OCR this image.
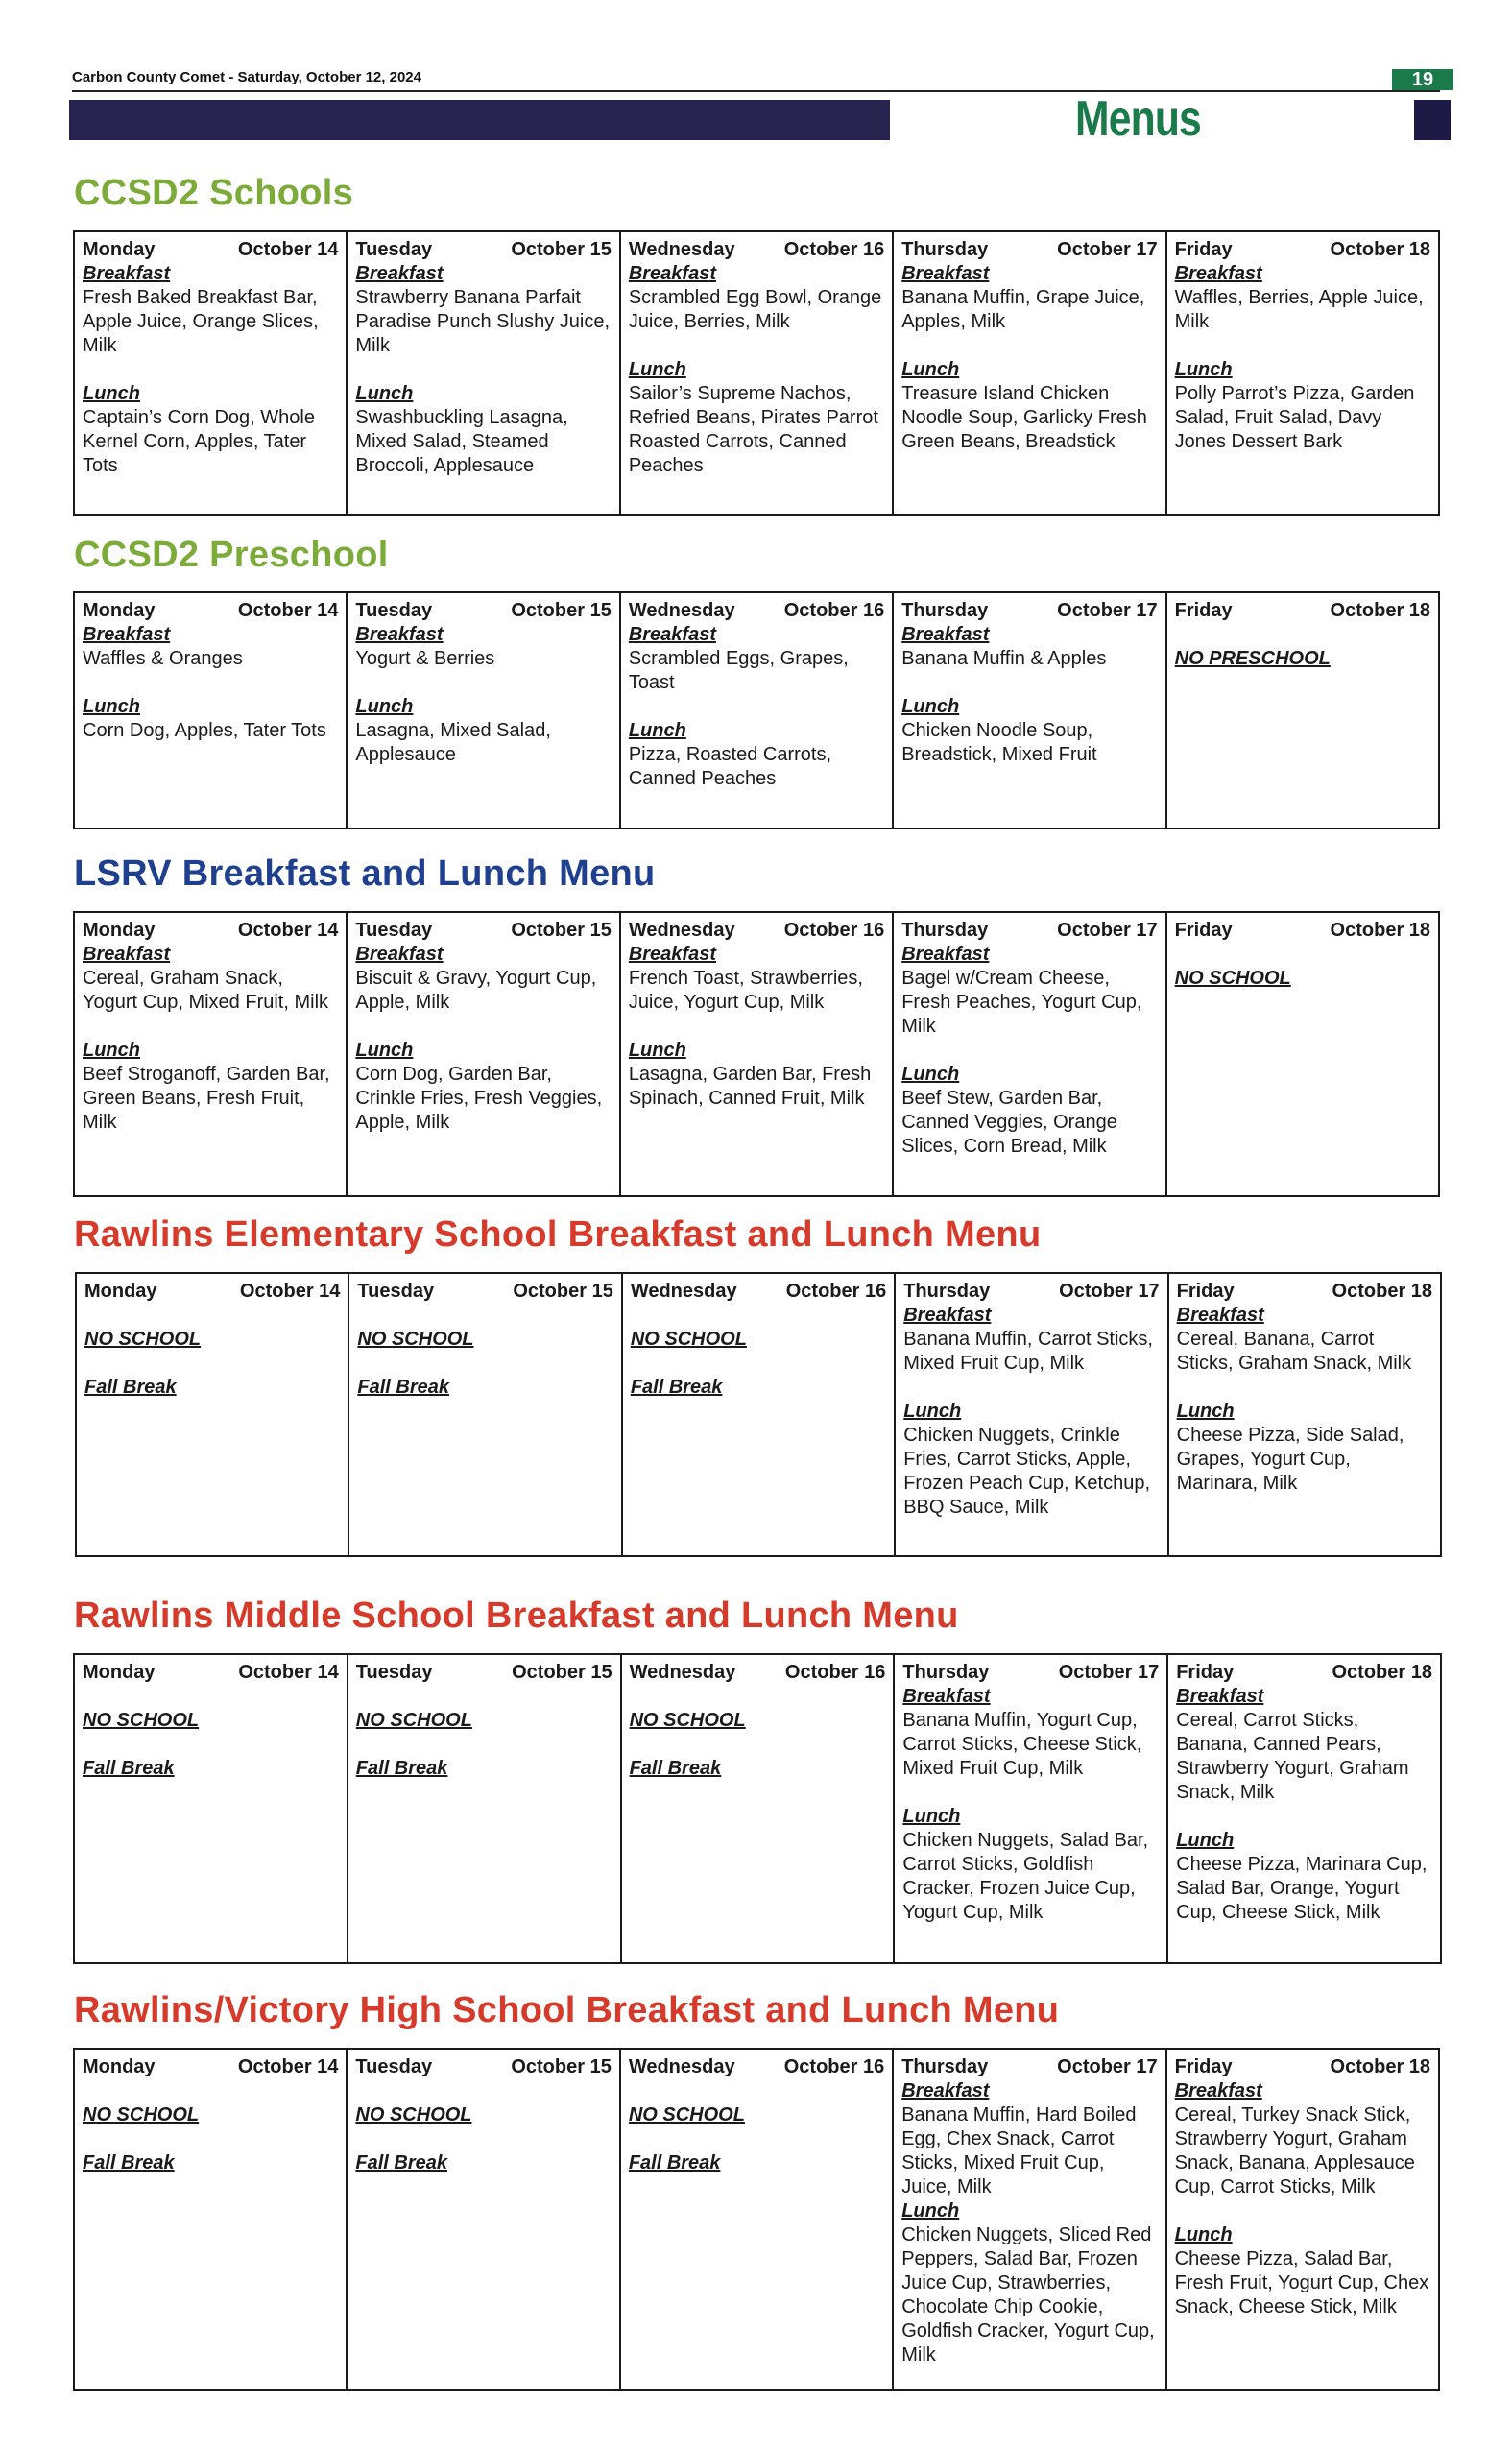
Carbon County Comet - Saturday, October 12, 2024	19
Menus
CCSD2 Schools
Monday	October 14
Breakfast
Fresh Baked Breakfast Bar, Apple Juice, Orange Slices, Milk
Lunch
Captain’s Corn Dog, Whole Kernel Corn, Apples, Tater Tots
Tuesday	October 15
Breakfast
Strawberry Banana Parfait Paradise Punch Slushy Juice, Milk
Lunch
Swashbuckling Lasagna, Mixed Salad, Steamed Broccoli, Applesauce
Wednesday	October 16
Breakfast
Scrambled Egg Bowl, Orange Juice, Berries, Milk
Lunch
Sailor’s Supreme Nachos, Refried Beans, Pirates Parrot Roasted Carrots, Canned Peaches
Thursday	October 17
Breakfast
Banana Muffin, Grape Juice, Apples, Milk
Lunch
Treasure Island Chicken Noodle Soup, Garlicky Fresh Green Beans, Breadstick
Friday	October 18
Breakfast
Waffles, Berries, Apple Juice, Milk
Lunch
Polly Parrot’s Pizza, Garden Salad, Fruit Salad, Davy Jones Dessert Bark
CCSD2 Preschool
Monday	October 14
Breakfast
Waffles & Oranges
Lunch
Corn Dog, Apples, Tater Tots
Tuesday	October 15
Breakfast
Yogurt & Berries
Lunch
Lasagna, Mixed Salad, Applesauce
Wednesday	October 16
Breakfast
Scrambled Eggs, Grapes, Toast
Lunch
Pizza, Roasted Carrots, Canned Peaches
Thursday	October 17
Breakfast
Banana Muffin & Apples
Lunch
Chicken Noodle Soup, Breadstick, Mixed Fruit
Friday	October 18
NO PRESCHOOL
LSRV Breakfast and Lunch Menu
Monday	October 14
Breakfast
Cereal, Graham Snack, Yogurt Cup, Mixed Fruit, Milk
Lunch
Beef Stroganoff, Garden Bar, Green Beans, Fresh Fruit, Milk
Tuesday	October 15
Breakfast
Biscuit & Gravy, Yogurt Cup, Apple, Milk
Lunch
Corn Dog, Garden Bar, Crinkle Fries, Fresh Veggies, Apple, Milk
Wednesday	October 16
Breakfast
French Toast, Strawberries, Juice, Yogurt Cup, Milk
Lunch
Lasagna, Garden Bar, Fresh Spinach, Canned Fruit, Milk
Thursday	October 17
Breakfast
Bagel w/Cream Cheese, Fresh Peaches, Yogurt Cup, Milk
Lunch
Beef Stew, Garden Bar, Canned Veggies, Orange Slices, Corn Bread, Milk
Friday	October 18
NO SCHOOL
Rawlins Elementary School Breakfast and Lunch Menu
Monday	October 14
NO SCHOOL
Fall Break
Tuesday	October 15
NO SCHOOL
Fall Break
Wednesday	October 16
NO SCHOOL
Fall Break
Thursday	October 17
Breakfast
Banana Muffin, Carrot Sticks, Mixed Fruit Cup, Milk
Lunch
Chicken Nuggets, Crinkle Fries, Carrot Sticks, Apple, Frozen Peach Cup, Ketchup, BBQ Sauce, Milk
Friday	October 18
Breakfast
Cereal, Banana, Carrot Sticks, Graham Snack, Milk
Lunch
Cheese Pizza, Side Salad, Grapes, Yogurt Cup, Marinara, Milk
Rawlins Middle School Breakfast and Lunch Menu
Monday	October 14
NO SCHOOL
Fall Break
Tuesday	October 15
NO SCHOOL
Fall Break
Wednesday	October 16
NO SCHOOL
Fall Break
Thursday	October 17
Breakfast
Banana Muffin, Yogurt Cup, Carrot Sticks, Cheese Stick, Mixed Fruit Cup, Milk
Lunch
Chicken Nuggets, Salad Bar, Carrot Sticks, Goldfish Cracker, Frozen Juice Cup, Yogurt Cup, Milk
Friday	October 18
Breakfast
Cereal, Carrot Sticks, Banana, Canned Pears, Strawberry Yogurt, Graham Snack, Milk
Lunch
Cheese Pizza, Marinara Cup, Salad Bar, Orange, Yogurt Cup, Cheese Stick, Milk
Rawlins/Victory High School Breakfast and Lunch Menu
Monday	October 14
NO SCHOOL
Fall Break
Tuesday	October 15
NO SCHOOL
Fall Break
Wednesday	October 16
NO SCHOOL
Fall Break
Thursday	October 17
Breakfast
Banana Muffin, Hard Boiled Egg, Chex Snack, Carrot Sticks, Mixed Fruit Cup, Juice, Milk
Lunch
Chicken Nuggets, Sliced Red Peppers, Salad Bar, Frozen Juice Cup, Strawberries, Chocolate Chip Cookie, Goldfish Cracker, Yogurt Cup, Milk
Friday	October 18
Breakfast
Cereal, Turkey Snack Stick, Strawberry Yogurt, Graham Snack, Banana, Applesauce Cup, Carrot Sticks, Milk
Lunch
Cheese Pizza, Salad Bar, Fresh Fruit, Yogurt Cup, Chex Snack, Cheese Stick, Milk
